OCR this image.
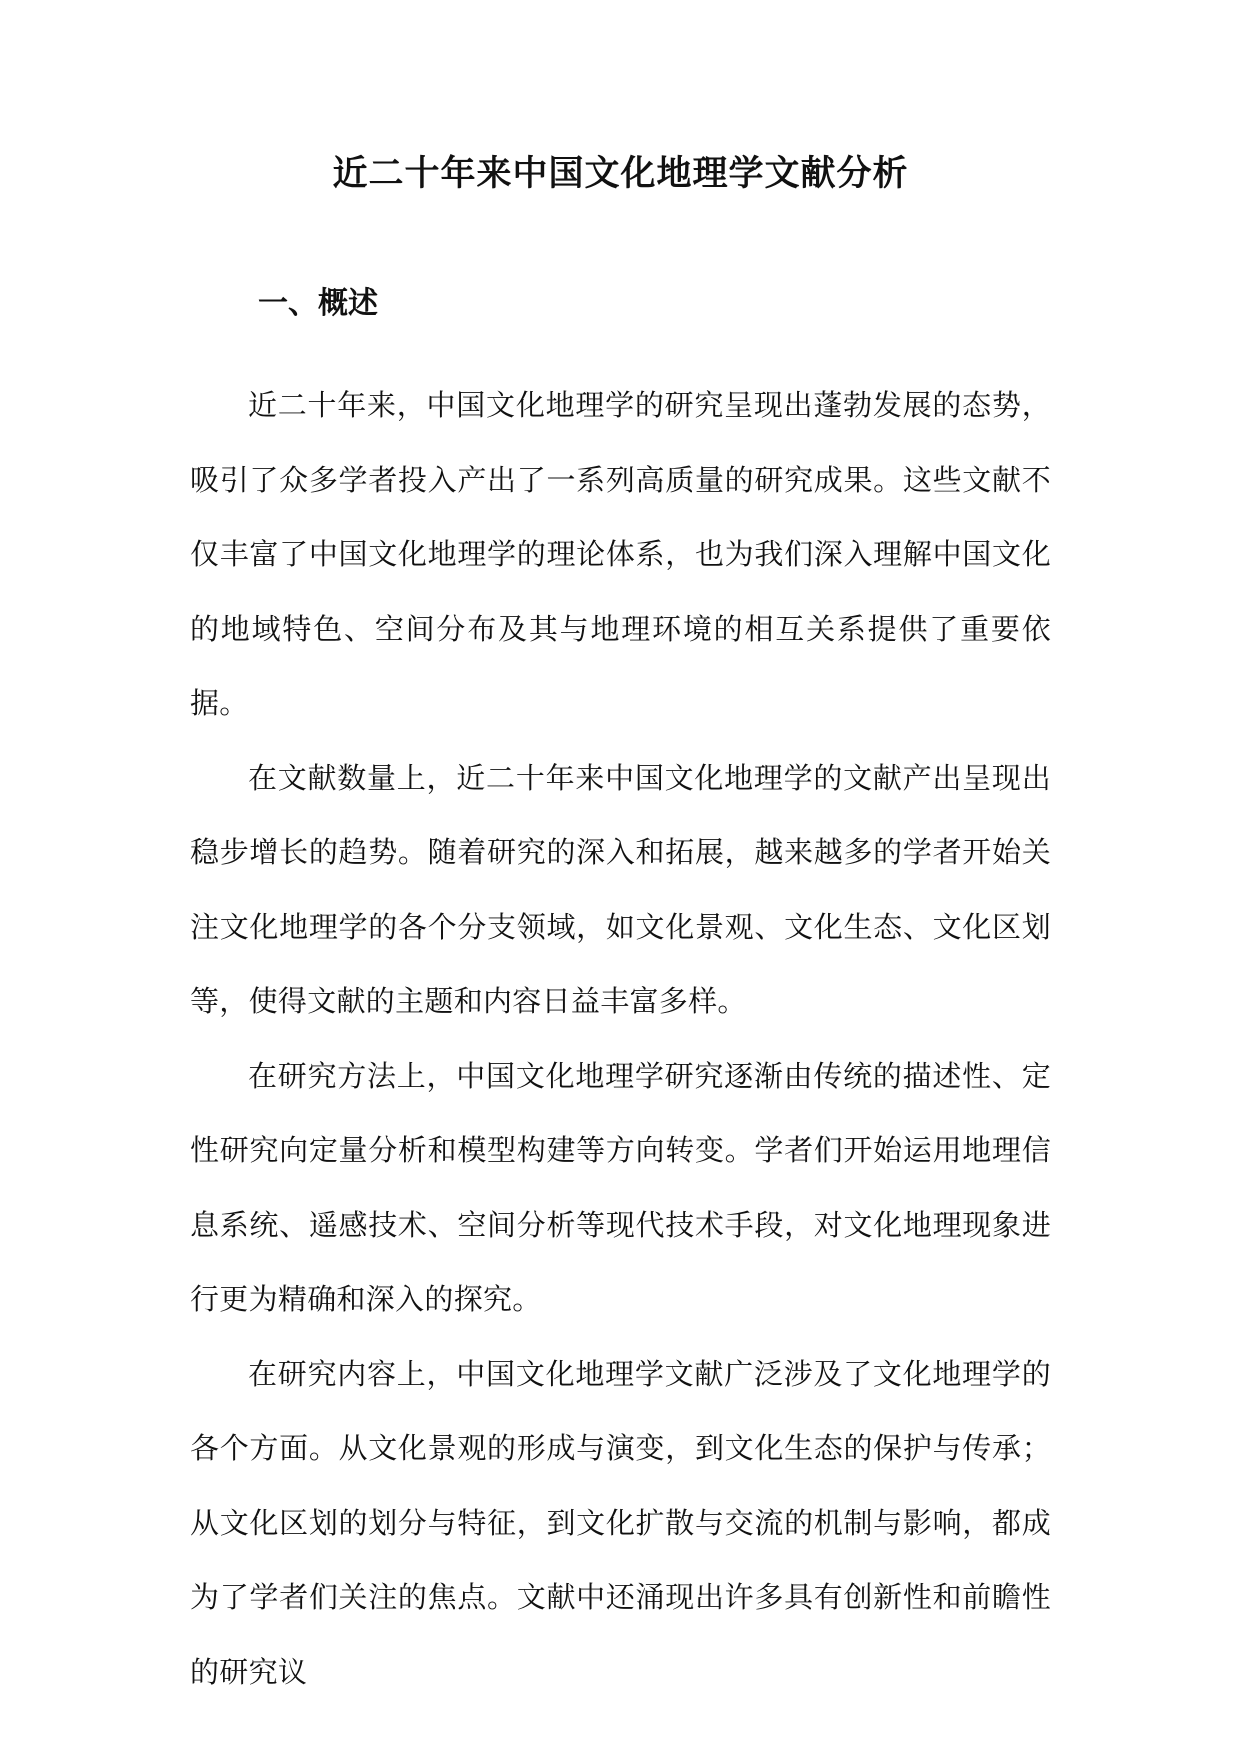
近二十年来中国文化地理学文献分析
一、概述

近二十年来，中国文化地理学的研究呈现出蓬勃发展的态势，吸引了众多学者投入产出了一系列高质量的研究成果。这些文献不仅丰富了中国文化地理学的理论体系，也为我们深入理解中国文化的地域特色、空间分布及其与地理环境的相互关系提供了重要依据。

在文献数量上，近二十年来中国文化地理学的文献产出呈现出稳步增长的趋势。随着研究的深入和拓展，越来越多的学者开始关注文化地理学的各个分支领域，如文化景观、文化生态、文化区划等，使得文献的主题和内容日益丰富多样。

在研究方法上，中国文化地理学研究逐渐由传统的描述性、定性研究向定量分析和模型构建等方向转变。学者们开始运用地理信息系统、遥感技术、空间分析等现代技术手段，对文化地理现象进行更为精确和深入的探究。

在研究内容上，中国文化地理学文献广泛涉及了文化地理学的各个方面。从文化景观的形成与演变，到文化生态的保护与传承；从文化区划的划分与特征，到文化扩散与交流的机制与影响，都成为了学者们关注的焦点。文献中还涌现出许多具有创新性和前瞻性的研究议
